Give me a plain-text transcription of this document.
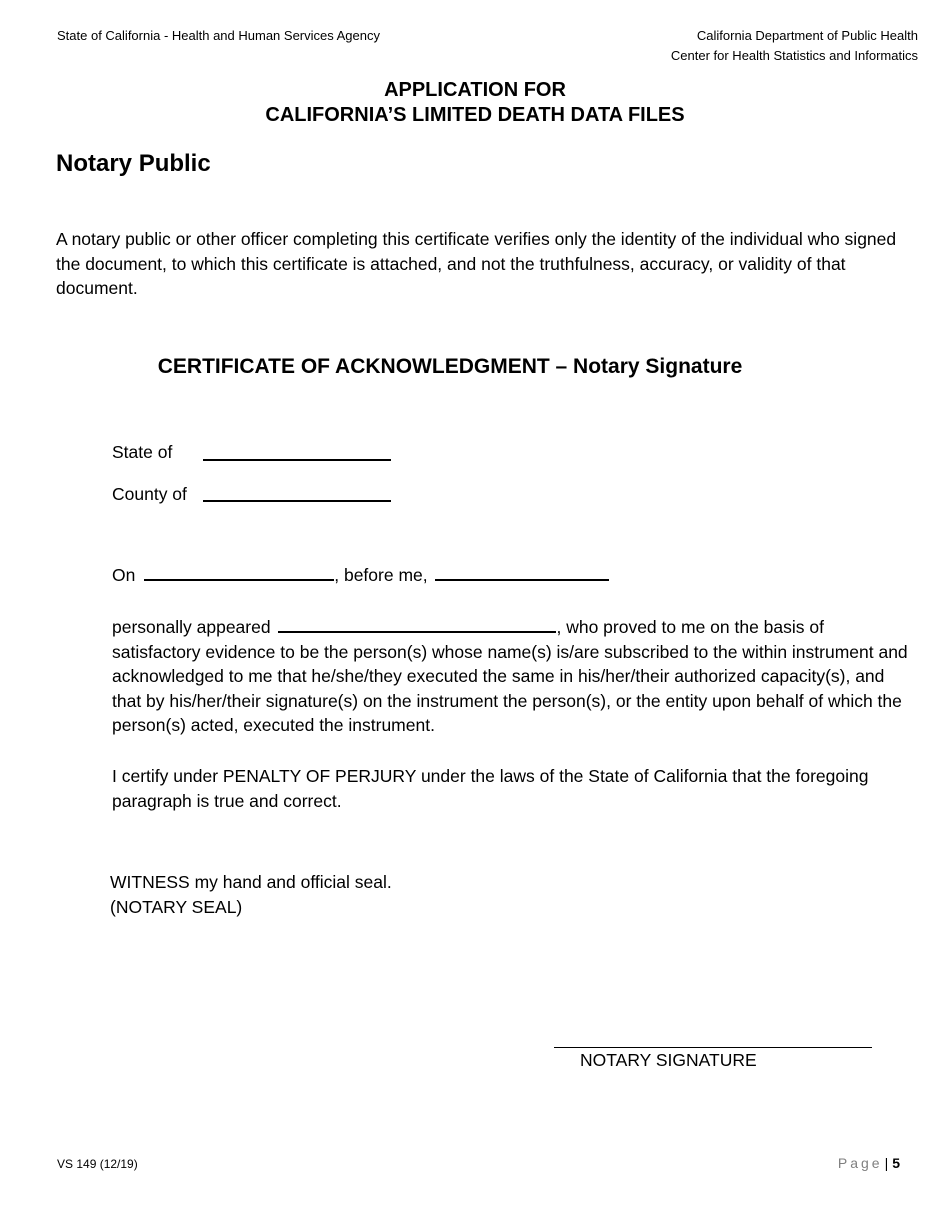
State of California - Health and Human Services Agency	California Department of Public Health
Center for Health Statistics and Informatics
APPLICATION FOR
CALIFORNIA’S LIMITED DEATH DATA FILES
Notary Public
A notary public or other officer completing this certificate verifies only the identity of the individual who signed the document, to which this certificate is attached, and not the truthfulness, accuracy, or validity of that document.
CERTIFICATE OF ACKNOWLEDGMENT – Notary Signature
State of
County of
On	, before me,
personally appeared	, who proved to me on the basis of satisfactory evidence to be the person(s) whose name(s) is/are subscribed to the within instrument and acknowledged to me that he/she/they executed the same in his/her/their authorized capacity(s), and that by his/her/their signature(s) on the instrument the person(s), or the entity upon behalf of which the person(s) acted, executed the instrument.
I certify under PENALTY OF PERJURY under the laws of the State of California that the foregoing paragraph is true and correct.
WITNESS my hand and official seal.
(NOTARY SEAL)
NOTARY SIGNATURE
VS 149 (12/19)	Page | 5
